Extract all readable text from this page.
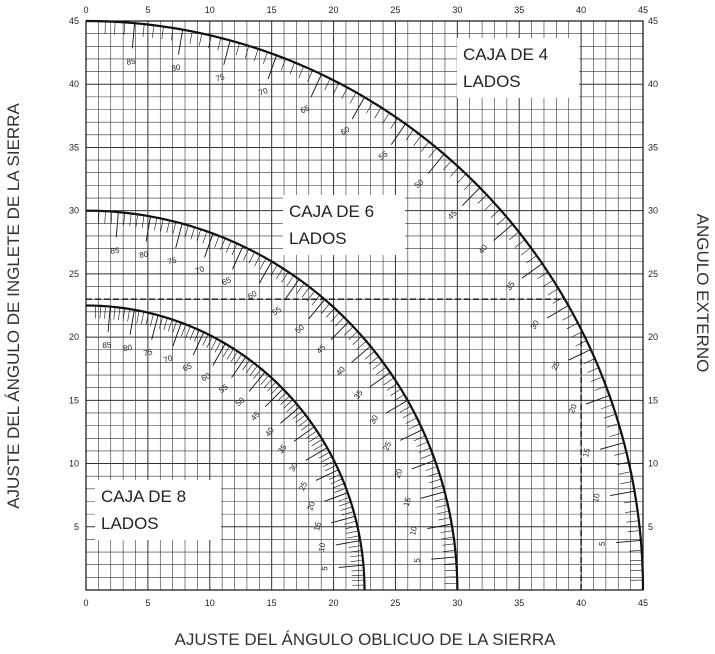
0
0
5
5
10
10
15
15
20
20
25
25
30
30
35
35
40
40
45
45
5	5
10	10
15	15
20	20
25	25
30	30
35	35
40	40
45	45
85
80
75
70
65
60
55
50
45
40
35
30
25
20
15
10
5
85 80
75
70
65
60
55
50
45
40
35
30
25
20
15
10
5
85 80 75
70
65
60
55
50
45
40
35
30
25
20
15
10
5
CAJA DE 4
LADOS
CAJA DE 6
LADOS
CAJA DE 8
LADOS
AJUSTE DEL ÁNGULO OBLICUO DE LA SIERRA
AJUSTE DEL ÁNGULO DE INGLETE DE LA SIERRA	ANGULO EXTERNO
